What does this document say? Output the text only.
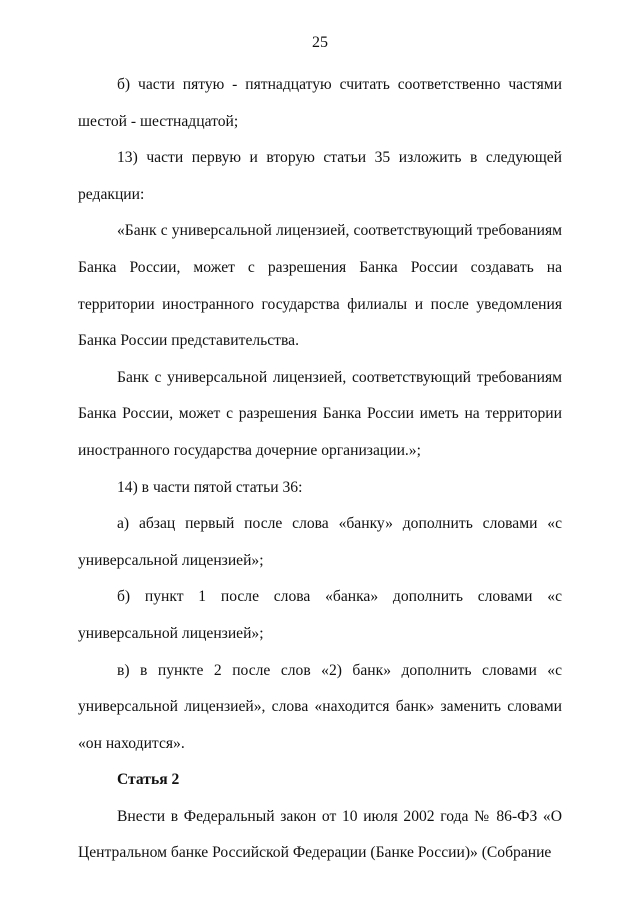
25

б) части пятую - пятнадцатую считать соответственно частями шестой - шестнадцатой;

13) части первую и вторую статьи 35 изложить в следующей редакции:

«Банк с универсальной лицензией, соответствующий требованиям Банка России, может с разрешения Банка России создавать на территории иностранного государства филиалы и после уведомления Банка России представительства.

Банк с универсальной лицензией, соответствующий требованиям Банка России, может с разрешения Банка России иметь на территории иностранного государства дочерние организации.»;

14) в части пятой статьи 36:

а) абзац первый после слова «банку» дополнить словами «с универсальной лицензией»;

б) пункт 1 после слова «банка» дополнить словами «с универсальной лицензией»;

в) в пункте 2 после слов «2) банк» дополнить словами «с универсальной лицензией», слова «находится банк» заменить словами «он находится».

Статья 2

Внести в Федеральный закон от 10 июля 2002 года № 86-ФЗ «О Центральном банке Российской Федерации (Банке России)» (Собрание
